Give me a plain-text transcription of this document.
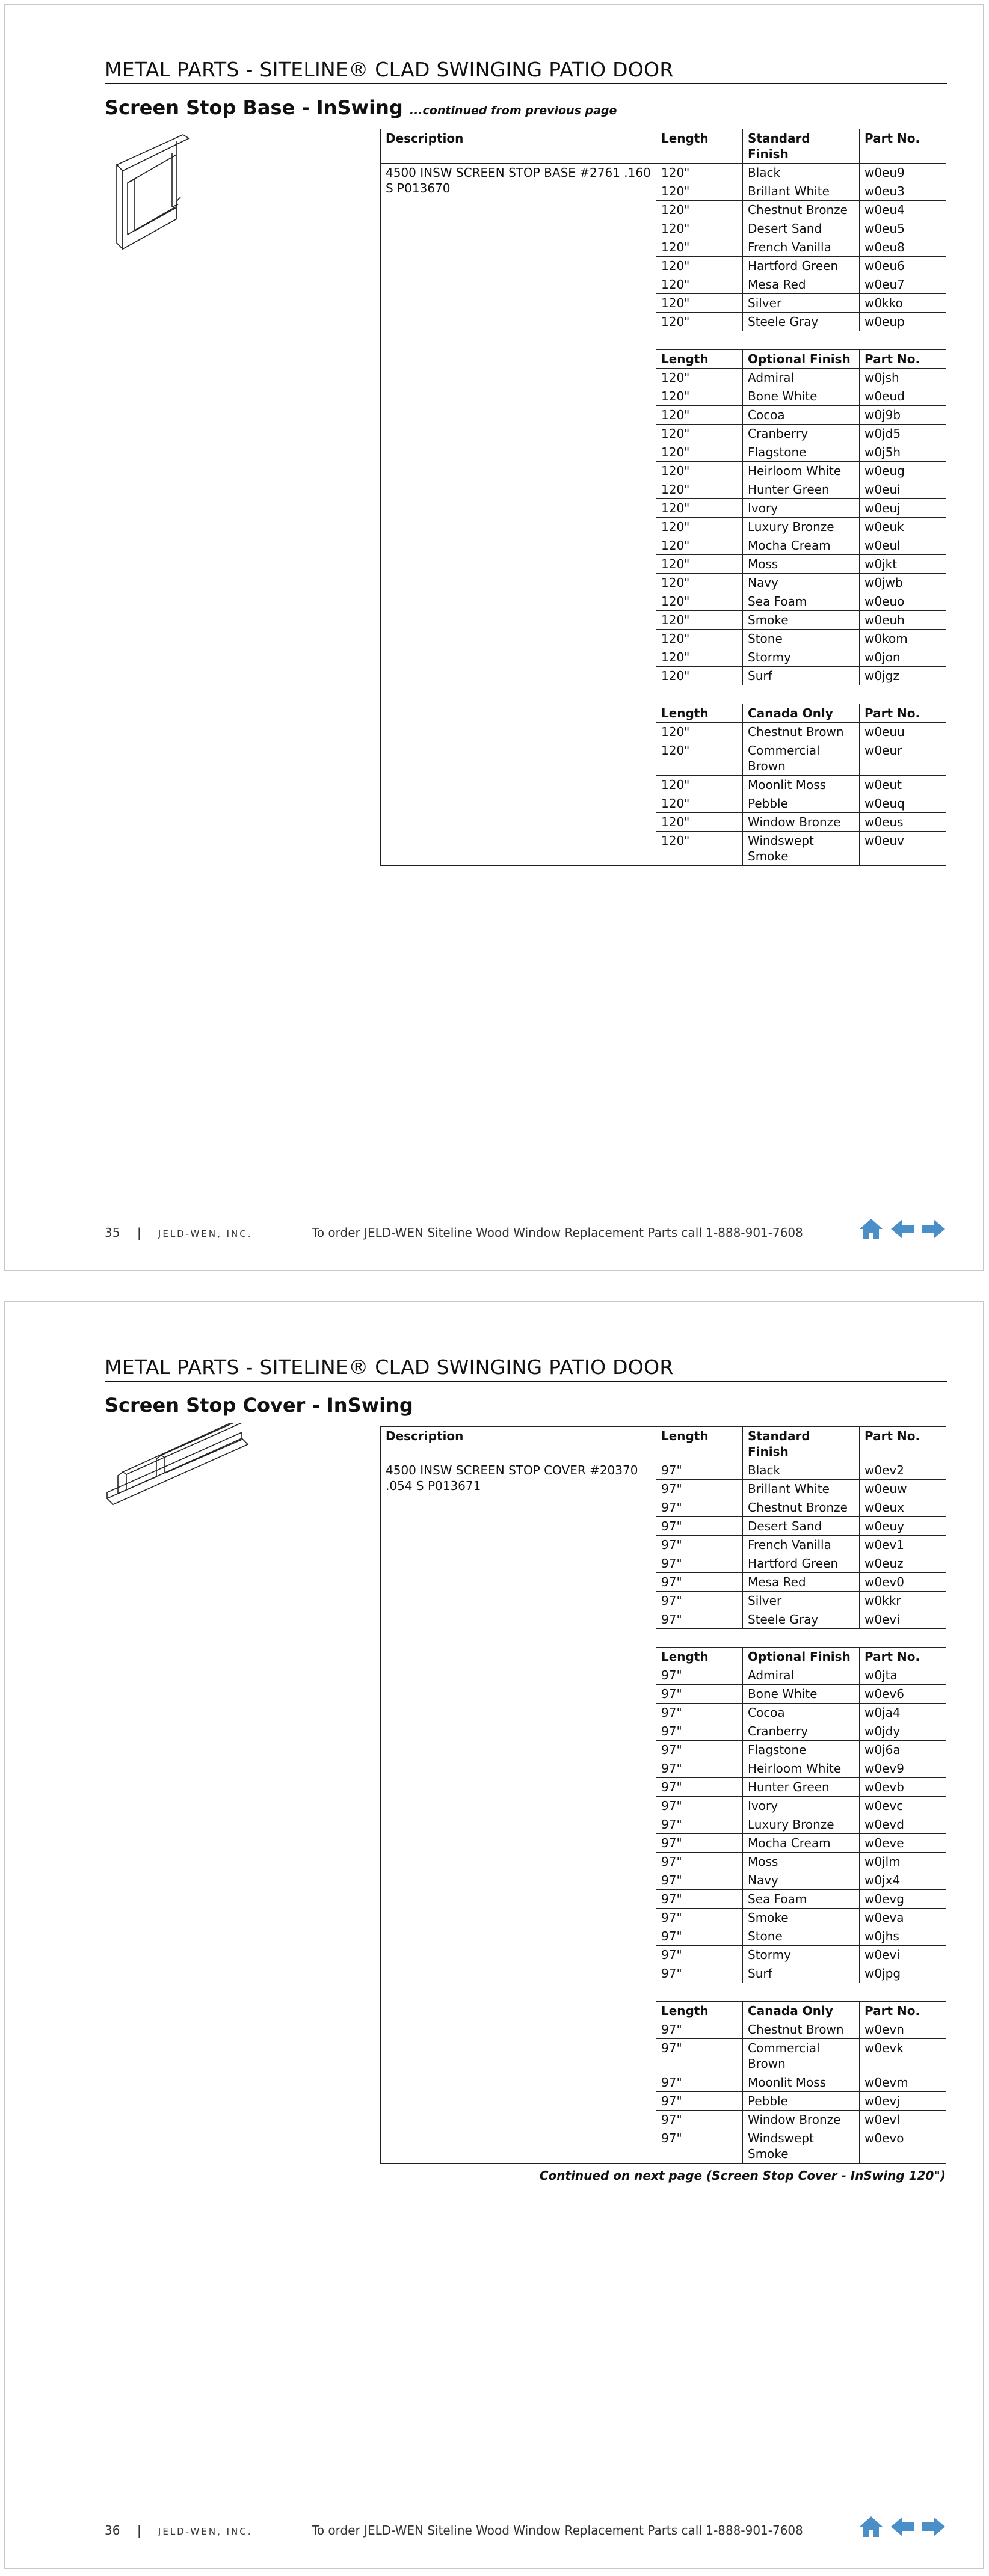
METAL PARTS - SITELINE® CLAD SWINGING PATIO DOOR
Screen Stop Base - InSwing ...continued from previous page
Description	Length	Standard Finish	Part No.
4500 INSW SCREEN STOP BASE #2761 .160 S P013670	120"	Black	w0eu9
	120"	Brillant White	w0eu3
	120"	Chestnut Bronze	w0eu4
	120"	Desert Sand	w0eu5
	120"	French Vanilla	w0eu8
	120"	Hartford Green	w0eu6
	120"	Mesa Red	w0eu7
	120"	Silver	w0kko
	120"	Steele Gray	w0eup

	Length	Optional Finish	Part No.
	120"	Admiral	w0jsh
	120"	Bone White	w0eud
	120"	Cocoa	w0j9b
	120"	Cranberry	w0jd5
	120"	Flagstone	w0j5h
	120"	Heirloom White	w0eug
	120"	Hunter Green	w0eui
	120"	Ivory	w0euj
	120"	Luxury Bronze	w0euk
	120"	Mocha Cream	w0eul
	120"	Moss	w0jkt
	120"	Navy	w0jwb
	120"	Sea Foam	w0euo
	120"	Smoke	w0euh
	120"	Stone	w0kom
	120"	Stormy	w0jon
	120"	Surf	w0jgz

	Length	Canada Only	Part No.
	120"	Chestnut Brown	w0euu
	120"	Commercial Brown	w0eur
	120"	Moonlit Moss	w0eut
	120"	Pebble	w0euq
	120"	Window Bronze	w0eus
	120"	Windswept Smoke	w0euv
35 | JELD-WEN, INC.	To order JELD-WEN Siteline Wood Window Replacement Parts call 1-888-901-7608
METAL PARTS - SITELINE® CLAD SWINGING PATIO DOOR
Screen Stop Cover - InSwing
Description	Length	Standard Finish	Part No.
4500 INSW SCREEN STOP COVER #20370 .054 S P013671	97"	Black	w0ev2
	97"	Brillant White	w0euw
	97"	Chestnut Bronze	w0eux
	97"	Desert Sand	w0euy
	97"	French Vanilla	w0ev1
	97"	Hartford Green	w0euz
	97"	Mesa Red	w0ev0
	97"	Silver	w0kkr
	97"	Steele Gray	w0evi

	Length	Optional Finish	Part No.
	97"	Admiral	w0jta
	97"	Bone White	w0ev6
	97"	Cocoa	w0ja4
	97"	Cranberry	w0jdy
	97"	Flagstone	w0j6a
	97"	Heirloom White	w0ev9
	97"	Hunter Green	w0evb
	97"	Ivory	w0evc
	97"	Luxury Bronze	w0evd
	97"	Mocha Cream	w0eve
	97"	Moss	w0jlm
	97"	Navy	w0jx4
	97"	Sea Foam	w0evg
	97"	Smoke	w0eva
	97"	Stone	w0jhs
	97"	Stormy	w0evi
	97"	Surf	w0jpg

	Length	Canada Only	Part No.
	97"	Chestnut Brown	w0evn
	97"	Commercial Brown	w0evk
	97"	Moonlit Moss	w0evm
	97"	Pebble	w0evj
	97"	Window Bronze	w0evl
	97"	Windswept Smoke	w0evo
Continued on next page (Screen Stop Cover - InSwing 120")
36 | JELD-WEN, INC.	To order JELD-WEN Siteline Wood Window Replacement Parts call 1-888-901-7608
